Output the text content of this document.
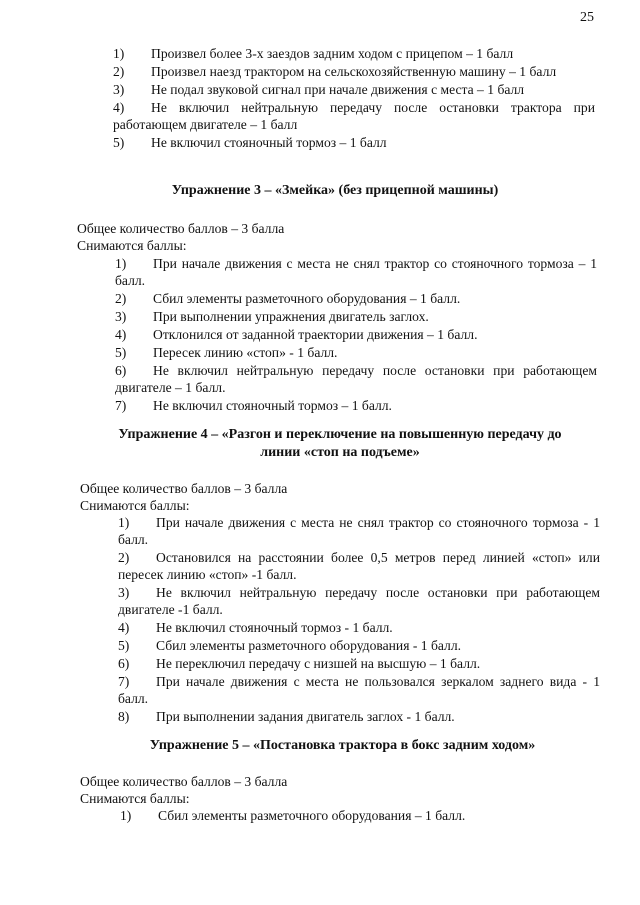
25
1)	Произвел более 3-х заездов задним ходом с прицепом – 1 балл
2) Произвел наезд трактором на сельскохозяйственную машину – 1 балл
3)	Не подал звуковой сигнал при начале движения с места – 1 балл
4) Не включил нейтральную передачу после остановки трактора при работающем двигателе – 1 балл
5)	Не включил стояночный тормоз – 1 балл
Упражнение 3 – «Змейка» (без прицепной машины)
Общее количество баллов – 3 балла
Снимаются баллы:
1) При начале движения с места не снял трактор со стояночного тормоза – 1 балл.
2)	Сбил элементы разметочного оборудования – 1 балл.
3)	При выполнении упражнения двигатель заглох.
4)	Отклонился от заданной траектории движения – 1 балл.
5)	Пересек линию «стоп» - 1 балл.
6) Не включил нейтральную передачу после остановки при работающем двигателе – 1 балл.
7)	Не включил стояночный тормоз – 1 балл.
Упражнение 4 – «Разгон и переключение на повышенную передачу до
линии «стоп на подъеме»
Общее количество баллов – 3 балла
Снимаются баллы:
1) При начале движения с места не снял трактор со стояночного тормоза - 1 балл.
2) Остановился на расстоянии более 0,5 метров перед линией «стоп» или пересек линию «стоп» -1 балл.
3) Не включил нейтральную передачу после остановки при работающем двигателе -1 балл.
4)	Не включил стояночный тормоз - 1 балл.
5)	Сбил элементы разметочного оборудования - 1 балл.
6)	Не переключил передачу с низшей на высшую – 1 балл.
7) При начале движения с места не пользовался зеркалом заднего вида - 1 балл.
8)	При выполнении задания двигатель заглох - 1 балл.
Упражнение 5 – «Постановка трактора в бокс задним ходом»
Общее количество баллов – 3 балла
Снимаются баллы:
1)	Сбил элементы разметочного оборудования – 1 балл.
